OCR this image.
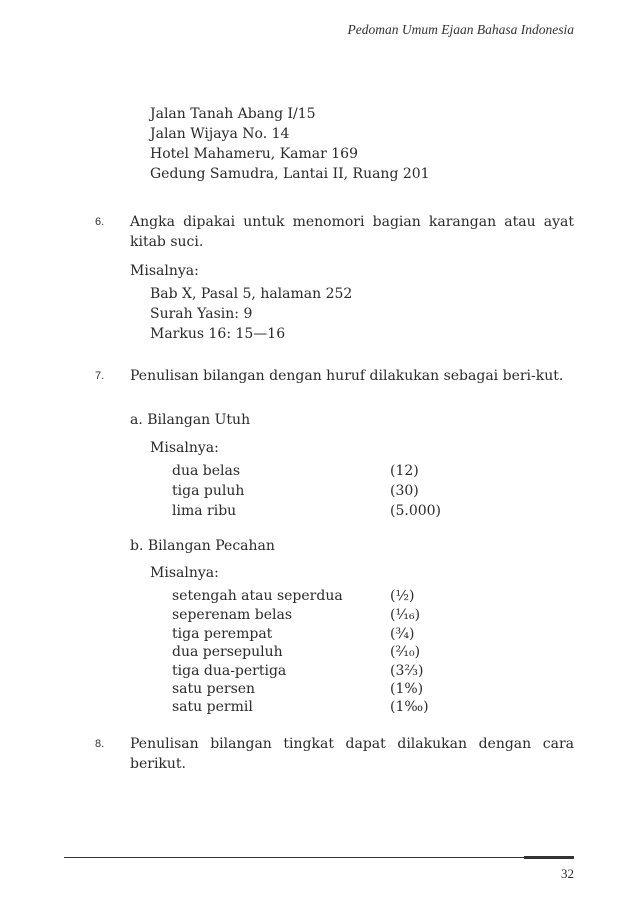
Pedoman Umum Ejaan Bahasa Indonesia
Jalan Tanah Abang I/15
Jalan Wijaya No. 14
Hotel Mahameru, Kamar 169
Gedung Samudra, Lantai II, Ruang 201
6. Angka dipakai untuk menomori bagian karangan atau ayat kitab suci.
Misalnya:
Bab X, Pasal 5, halaman 252
Surah Yasin: 9
Markus 16: 15—16
7. Penulisan bilangan dengan huruf dilakukan sebagai beri-kut.
a. Bilangan Utuh
Misalnya:
dua belas	(12)
tiga puluh	(30)
lima ribu	(5.000)
b. Bilangan Pecahan
Misalnya:
setengah atau seperdua	(½)
seperenam belas	(¹⁄₁₆)
tiga perempat	(¾)
dua persepuluh	(²⁄₁₀)
tiga dua-pertiga	(3⅔)
satu persen	(1%)
satu permil	(1‰)
8. Penulisan bilangan tingkat dapat dilakukan dengan cara berikut.
32
